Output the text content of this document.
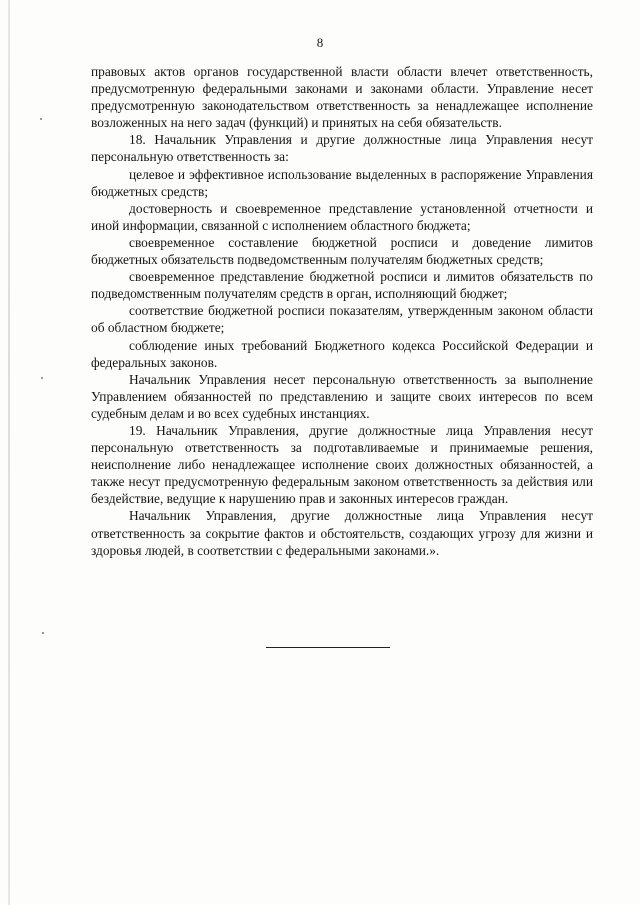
8

правовых актов органов государственной власти области влечет ответственность, предусмотренную федеральными законами и законами области. Управление несет предусмотренную законодательством ответственность за ненадлежащее исполнение возложенных на него задач (функций) и принятых на себя обязательств.

18. Начальник Управления и другие должностные лица Управления несут персональную ответственность за:

целевое и эффективное использование выделенных в распоряжение Управления бюджетных средств;

достоверность и своевременное представление установленной отчетности и иной информации, связанной с исполнением областного бюджета;

своевременное составление бюджетной росписи и доведение лимитов бюджетных обязательств подведомственным получателям бюджетных средств;

своевременное представление бюджетной росписи и лимитов обязательств по подведомственным получателям средств в орган, исполняющий бюджет;

соответствие бюджетной росписи показателям, утвержденным законом области об областном бюджете;

соблюдение иных требований Бюджетного кодекса Российской Федерации и федеральных законов.

Начальник Управления несет персональную ответственность за выполнение Управлением обязанностей по представлению и защите своих интересов по всем судебным делам и во всех судебных инстанциях.

19. Начальник Управления, другие должностные лица Управления несут персональную ответственность за подготавливаемые и принимаемые решения, неисполнение либо ненадлежащее исполнение своих должностных обязанностей, а также несут предусмотренную федеральным законом ответственность за действия или бездействие, ведущие к нарушению прав и законных интересов граждан.

Начальник Управления, другие должностные лица Управления несут ответственность за сокрытие фактов и обстоятельств, создающих угрозу для жизни и здоровья людей, в соответствии с федеральными законами.».
